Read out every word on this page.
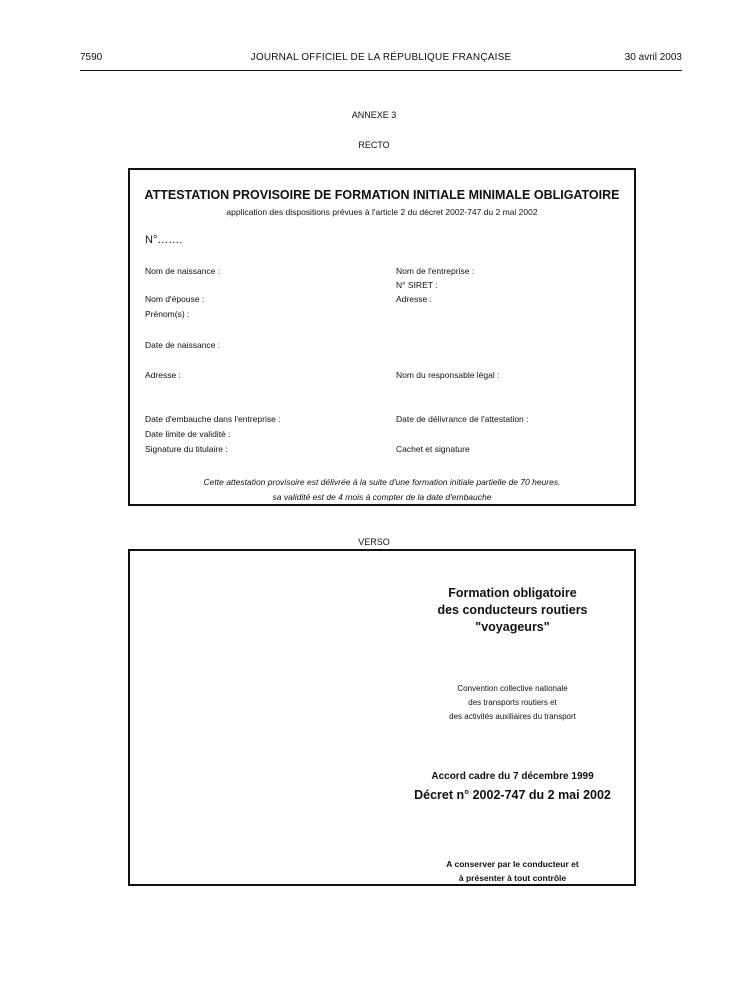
7590	JOURNAL OFFICIEL DE LA RÉPUBLIQUE FRANÇAISE	30 avril 2003
ANNEXE 3
RECTO
ATTESTATION PROVISOIRE DE FORMATION INITIALE MINIMALE OBLIGATOIRE
application des dispositions prévues à l'article 2 du décret 2002-747 du 2 mai 2002
N°…….
Nom de naissance :
Nom d'épouse :
Prénom(s) :
Date de naissance :
Adresse :
Date d'embauche dans l'entreprise :
Date limite de validité :
Signature du titulaire :
Nom de l'entreprise :
N° SIRET :
Adresse :
Nom du responsable légal :
Date de délivrance de l'attestation :
Cachet et signature
Cette attestation provisoire est délivrée à la suite d'une formation initiale partielle de 70 heures.
sa validité est de 4 mois à compter de la date d'embauche
VERSO
Formation obligatoire
des conducteurs routiers
"voyageurs"
Convention collective nationale
des transports routiers et
des activités auxiliaires du transport
Accord cadre du 7 décembre 1999
Décret n° 2002-747 du 2 mai 2002
A conserver par le conducteur et
à présenter à tout contrôle
